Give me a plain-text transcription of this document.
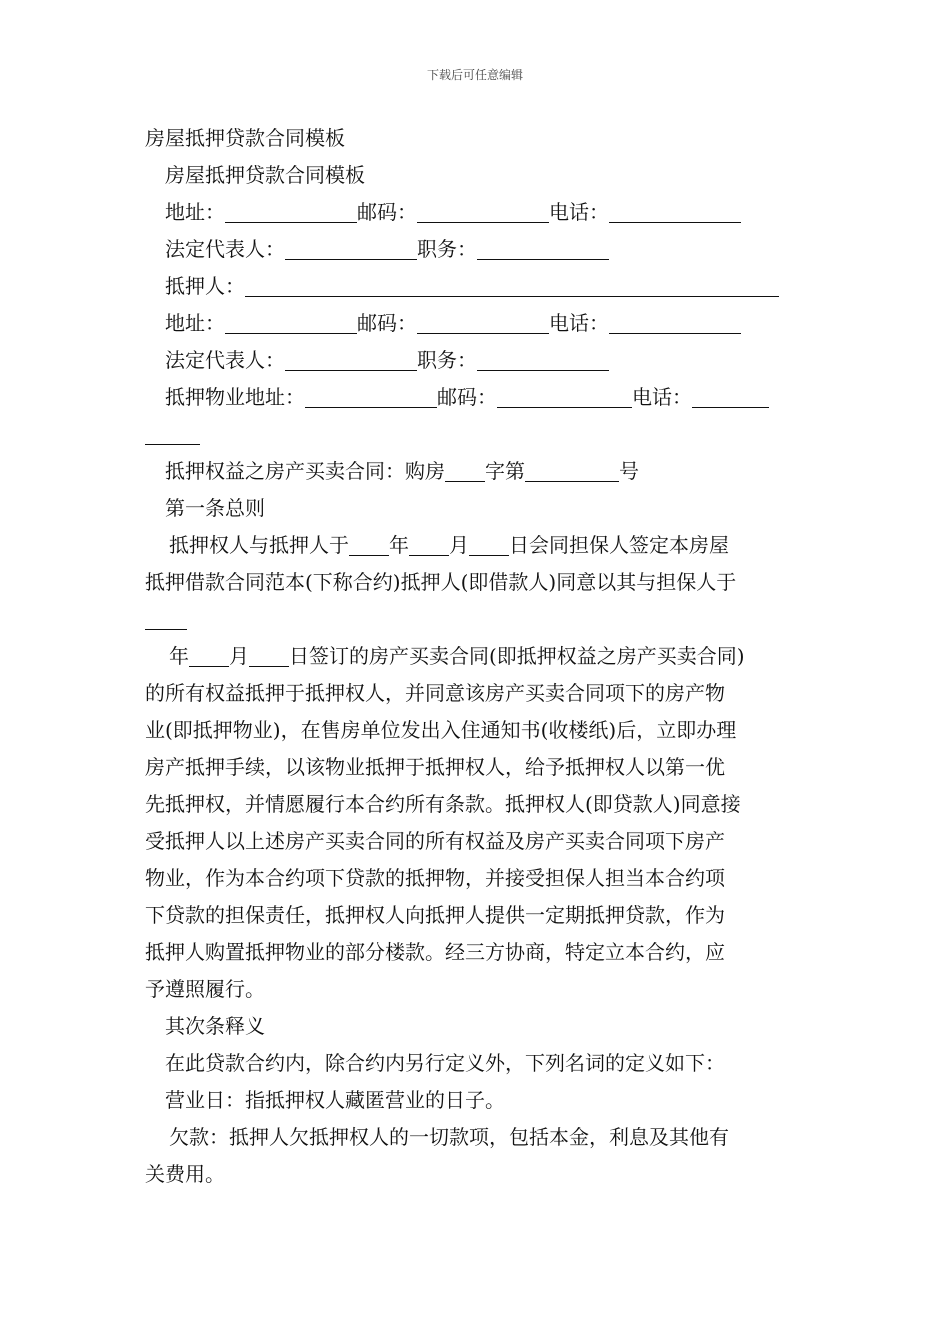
下载后可任意编辑
房屋抵押贷款合同模板
房屋抵押贷款合同模板
地址：	邮码：	电话：
法定代表人：	职务：
抵押人：
地址：	邮码：	电话：
法定代表人：	职务：
抵押物业地址：	邮码：	电话：
抵押权益之房产买卖合同：购房 字第	号
第一条总则
抵押权人与抵押人于 年 月 日会同担保人签定本房屋
抵押借款合同范本(下称合约)抵押人(即借款人)同意以其与担保人于
年 月 日签订的房产买卖合同(即抵押权益之房产买卖合同)
的所有权益抵押于抵押权人，并同意该房产买卖合同项下的房产物
业(即抵押物业)，在售房单位发出入住通知书(收楼纸)后，立即办理
房产抵押手续，以该物业抵押于抵押权人，给予抵押权人以第一优
先抵押权，并情愿履行本合约所有条款。抵押权人(即贷款人)同意接
受抵押人以上述房产买卖合同的所有权益及房产买卖合同项下房产
物业，作为本合约项下贷款的抵押物，并接受担保人担当本合约项
下贷款的担保责任，抵押权人向抵押人提供一定期抵押贷款，作为
抵押人购置抵押物业的部分楼款。经三方协商，特定立本合约，应
予遵照履行。
其次条释义
在此贷款合约内，除合约内另行定义外，下列名词的定义如下：
营业日：指抵押权人藏匿营业的日子。
欠款：抵押人欠抵押权人的一切款项，包括本金，利息及其他有
关费用。
